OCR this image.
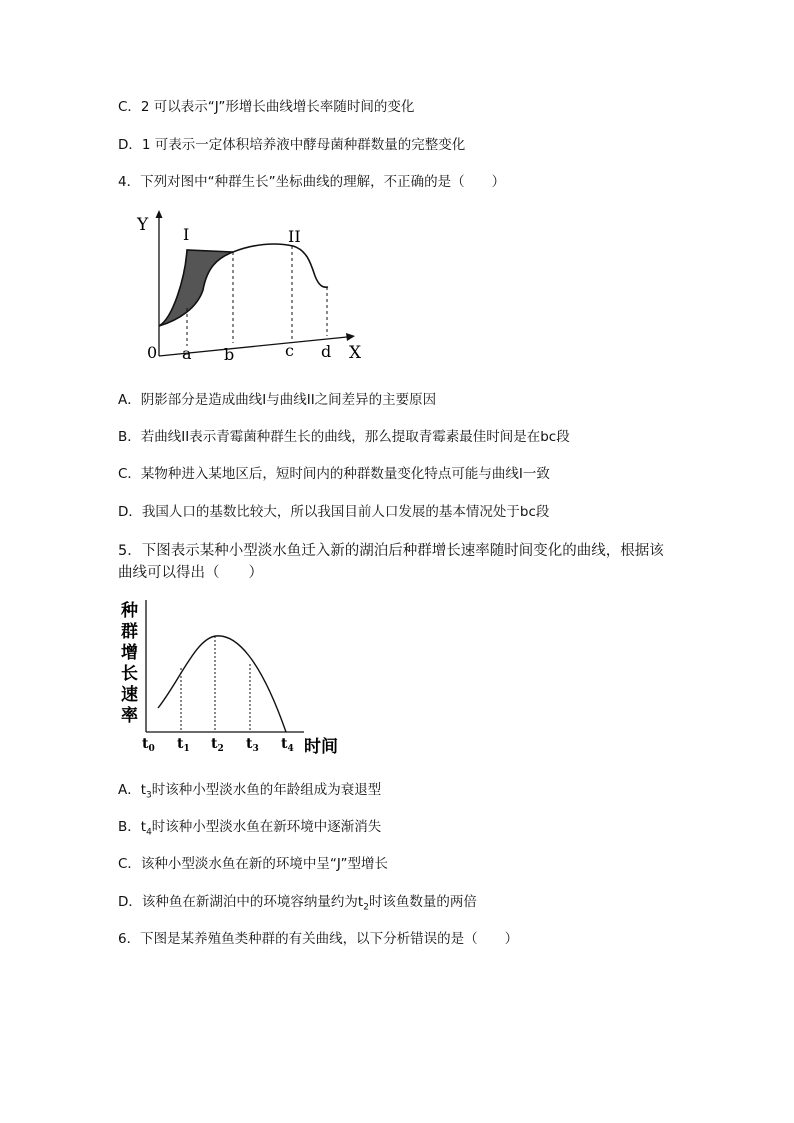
C．2 可以表示“J”形增长曲线增长率随时间的变化
D．1 可表示一定体积培养液中酵母菌种群数量的完整变化
4．下列对图中“种群生长”坐标曲线的理解，不正确的是（　　）
Y I	II
0 a b	c d X
A．阴影部分是造成曲线I与曲线II之间差异的主要原因
B．若曲线II表示青霉菌种群生长的曲线，那么提取青霉素最佳时间是在bc段
C．某物种进入某地区后，短时间内的种群数量变化特点可能与曲线I一致
D．我国人口的基数比较大，所以我国目前人口发展的基本情况处于bc段
5．下图表示某种小型淡水鱼迁入新的湖泊后种群增长速率随时间变化的曲线，根据该
曲线可以得出（　　）
种
群
增
长
速
率
$t_0$ $t_1$ $t_2$ $t_3$ $t_4$ 时间
A．$t_3$时该种小型淡水鱼的年龄组成为衰退型
B．$t_4$时该种小型淡水鱼在新环境中逐渐消失
C．该种小型淡水鱼在新的环境中呈“J”型增长
D．该种鱼在新湖泊中的环境容纳量约为$t_2$时该鱼数量的两倍
6．下图是某养殖鱼类种群的有关曲线，以下分析错误的是（　　）
